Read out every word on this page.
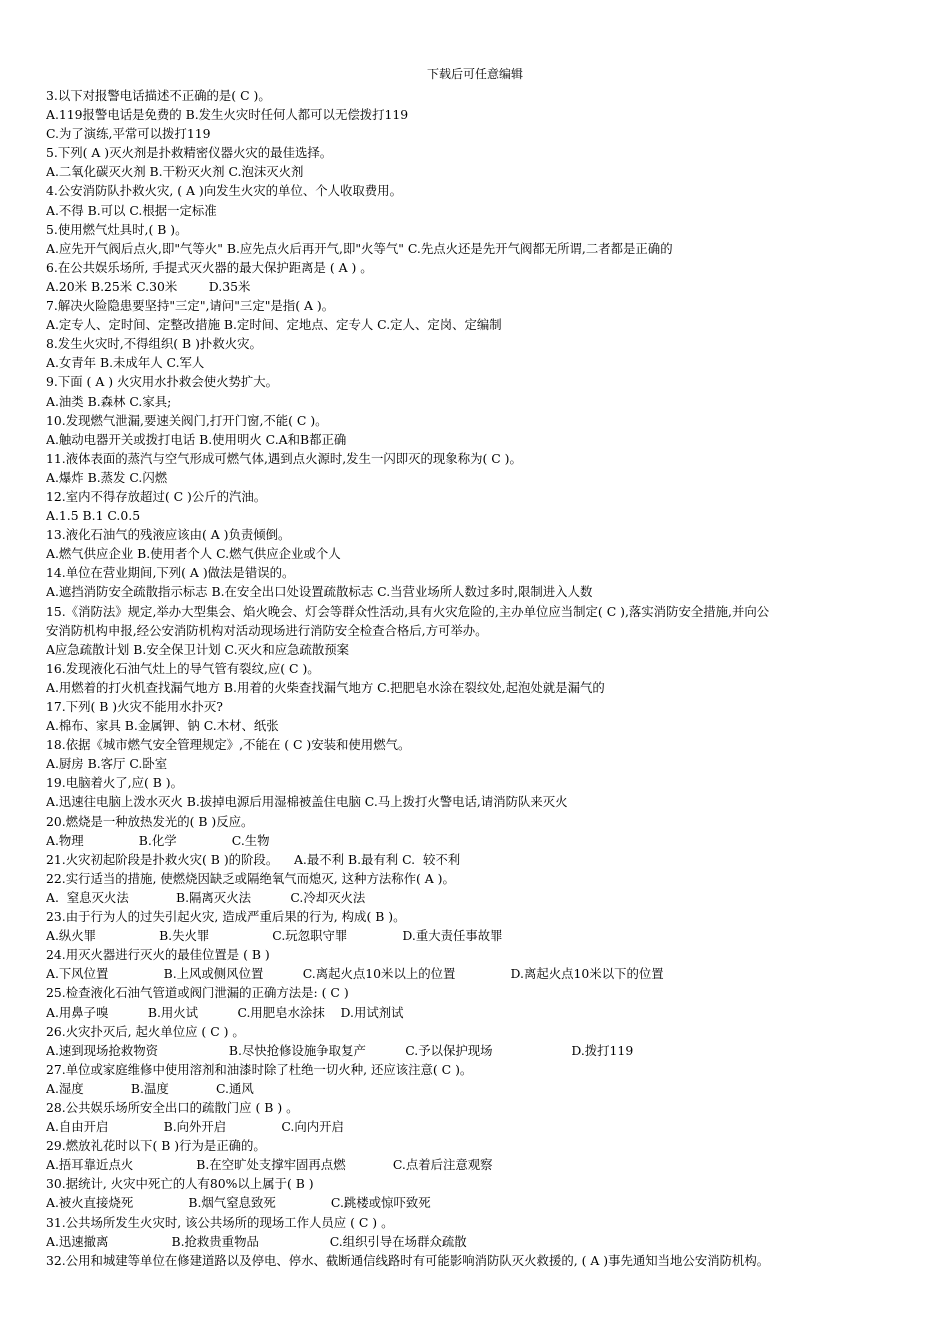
下载后可任意编辑
3.以下对报警电话描述不正确的是( C )。
A.119报警电话是免费的 B.发生火灾时任何人都可以无偿拨打119
C.为了演练,平常可以拨打119
5.下列( A )灭火剂是扑救精密仪器火灾的最佳选择。
A.二氧化碳灭火剂 B.干粉灭火剂 C.泡沫灭火剂
4.公安消防队扑救火灾, ( A )向发生火灾的单位、个人收取费用。
A.不得 B.可以 C.根据一定标准
5.使用燃气灶具时,( B )。
A.应先开气阀后点火,即"气等火" B.应先点火后再开气,即"火等气" C.先点火还是先开气阀都无所谓,二者都是正确的
6.在公共娱乐场所, 手提式灭火器的最大保护距离是 ( A ) 。
A.20米 B.25米 C.30米        D.35米
7.解决火险隐患要坚持"三定",请问"三定"是指( A )。
A.定专人、定时间、定整改措施 B.定时间、定地点、定专人 C.定人、定岗、定编制
8.发生火灾时,不得组织( B )扑救火灾。
A.女青年 B.未成年人 C.军人
9.下面 ( A ) 火灾用水扑救会使火势扩大。
A.油类 B.森林 C.家具;
10.发现燃气泄漏,要速关阀门,打开门窗,不能( C )。
A.触动电器开关或拨打电话 B.使用明火 C.A和B都正确
11.液体表面的蒸汽与空气形成可燃气体,遇到点火源时,发生一闪即灭的现象称为( C )。
A.爆炸 B.蒸发 C.闪燃
12.室内不得存放超过( C )公斤的汽油。
A.1.5 B.1 C.0.5
13.液化石油气的残液应该由( A )负责倾倒。
A.燃气供应企业 B.使用者个人 C.燃气供应企业或个人
14.单位在营业期间,下列( A )做法是错误的。
A.遮挡消防安全疏散指示标志 B.在安全出口处设置疏散标志 C.当营业场所人数过多时,限制进入人数
15.《消防法》规定,举办大型集会、焰火晚会、灯会等群众性活动,具有火灾危险的,主办单位应当制定( C ),落实消防安全措施,并向公
安消防机构申报,经公安消防机构对活动现场进行消防安全检查合格后,方可举办。
A应急疏散计划 B.安全保卫计划 C.灭火和应急疏散预案
16.发现液化石油气灶上的导气管有裂纹,应( C )。
A.用燃着的打火机查找漏气地方 B.用着的火柴查找漏气地方 C.把肥皂水涂在裂纹处,起泡处就是漏气的
17.下列( B )火灾不能用水扑灭?
A.棉布、家具 B.金属钾、钠 C.木材、纸张
18.依据《城市燃气安全管理规定》,不能在 ( C )安装和使用燃气。
A.厨房 B.客厅 C.卧室
19.电脑着火了,应( B )。
A.迅速往电脑上泼水灭火 B.拔掉电源后用湿棉被盖住电脑 C.马上拨打火警电话,请消防队来灭火
20.燃烧是一种放热发光的( B )反应。
A.物理              B.化学              C.生物
21.火灾初起阶段是扑救火灾( B )的阶段。    A.最不利 B.最有利 C.  较不利
22.实行适当的措施, 使燃烧因缺乏或隔绝氧气而熄灭, 这种方法称作( A )。
A.  窒息灭火法            B.隔离灭火法          C.冷却灭火法
23.由于行为人的过失引起火灾, 造成严重后果的行为, 构成( B )。
A.纵火罪                B.失火罪                C.玩忽职守罪              D.重大责任事故罪
24.用灭火器进行灭火的最佳位置是 ( B )
A.下风位置              B.上风或侧风位置          C.离起火点10米以上的位置              D.离起火点10米以下的位置
25.检查液化石油气管道或阀门泄漏的正确方法是: ( C )
A.用鼻子嗅          B.用火试          C.用肥皂水涂抹    D.用试剂试
26.火灾扑灭后, 起火单位应 ( C ) 。
A.速到现场抢救物资                  B.尽快抢修设施争取复产          C.予以保护现场                    D.拨打119
27.单位或家庭维修中使用溶剂和油漆时除了杜绝一切火种, 还应该注意( C )。
A.湿度            B.温度            C.通风
28.公共娱乐场所安全出口的疏散门应 ( B ) 。
A.自由开启              B.向外开启              C.向内开启
29.燃放礼花时以下( B )行为是正确的。
A.捂耳靠近点火                B.在空旷处支撑牢固再点燃            C.点着后注意观察
30.据统计, 火灾中死亡的人有80%以上属于( B )
A.被火直接烧死              B.烟气窒息致死              C.跳楼或惊吓致死
31.公共场所发生火灾时, 该公共场所的现场工作人员应 ( C ) 。
A.迅速撤离                B.抢救贵重物品                  C.组织引导在场群众疏散
32.公用和城建等单位在修建道路以及停电、停水、截断通信线路时有可能影响消防队灭火救援的, ( A )事先通知当地公安消防机构。
